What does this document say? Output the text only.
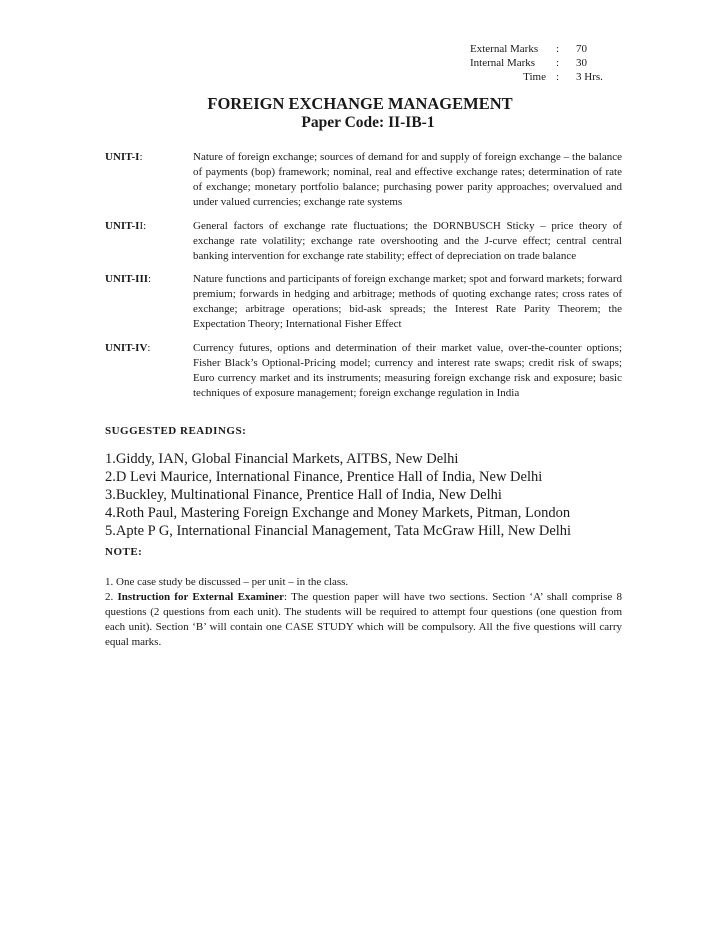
External Marks	:	70
Internal Marks	:	30
Time :	3 Hrs.
FOREIGN EXCHANGE MANAGEMENT
Paper Code: II-IB-1
UNIT-I:	Nature of foreign exchange; sources of demand for and supply of foreign exchange – the balance of payments (bop) framework; nominal, real and effective exchange rates; determination of rate of exchange; monetary portfolio balance; purchasing power parity approaches; overvalued and under valued currencies; exchange rate systems
UNIT-II:	General factors of exchange rate fluctuations; the DORNBUSCH Sticky – price theory of exchange rate volatility; exchange rate overshooting and the J-curve effect; central central banking intervention for exchange rate stability; effect of depreciation on trade balance
UNIT-III:	Nature functions and participants of foreign exchange market; spot and forward markets; forward premium; forwards in hedging and arbitrage; methods of quoting exchange rates; cross rates of exchange; arbitrage operations; bid-ask spreads; the Interest Rate Parity Theorem; the Expectation Theory; International Fisher Effect
UNIT-IV:	Currency futures, options and determination of their market value, over-the-counter options; Fisher Black’s Optional-Pricing model; currency and interest rate swaps; credit risk of swaps; Euro currency market and its instruments; measuring foreign exchange risk and exposure; basic techniques of exposure management; foreign exchange regulation in India
SUGGESTED READINGS:
1.Giddy, IAN, Global Financial Markets, AITBS, New Delhi
2.D Levi Maurice, International Finance, Prentice Hall of India, New Delhi
3.Buckley, Multinational Finance, Prentice Hall of India, New Delhi
4.Roth Paul, Mastering Foreign Exchange and Money Markets, Pitman, London
5.Apte P G, International Financial Management, Tata McGraw Hill, New Delhi
NOTE:

1. One case study be discussed – per unit – in the class.

2. Instruction for External Examiner: The question paper will have two sections. Section ‘A’ shall comprise 8 questions (2 questions from each unit). The students will be required to attempt four questions (one question from each unit). Section ‘B’ will contain one CASE STUDY which will be compulsory. All the five questions will carry equal marks.
